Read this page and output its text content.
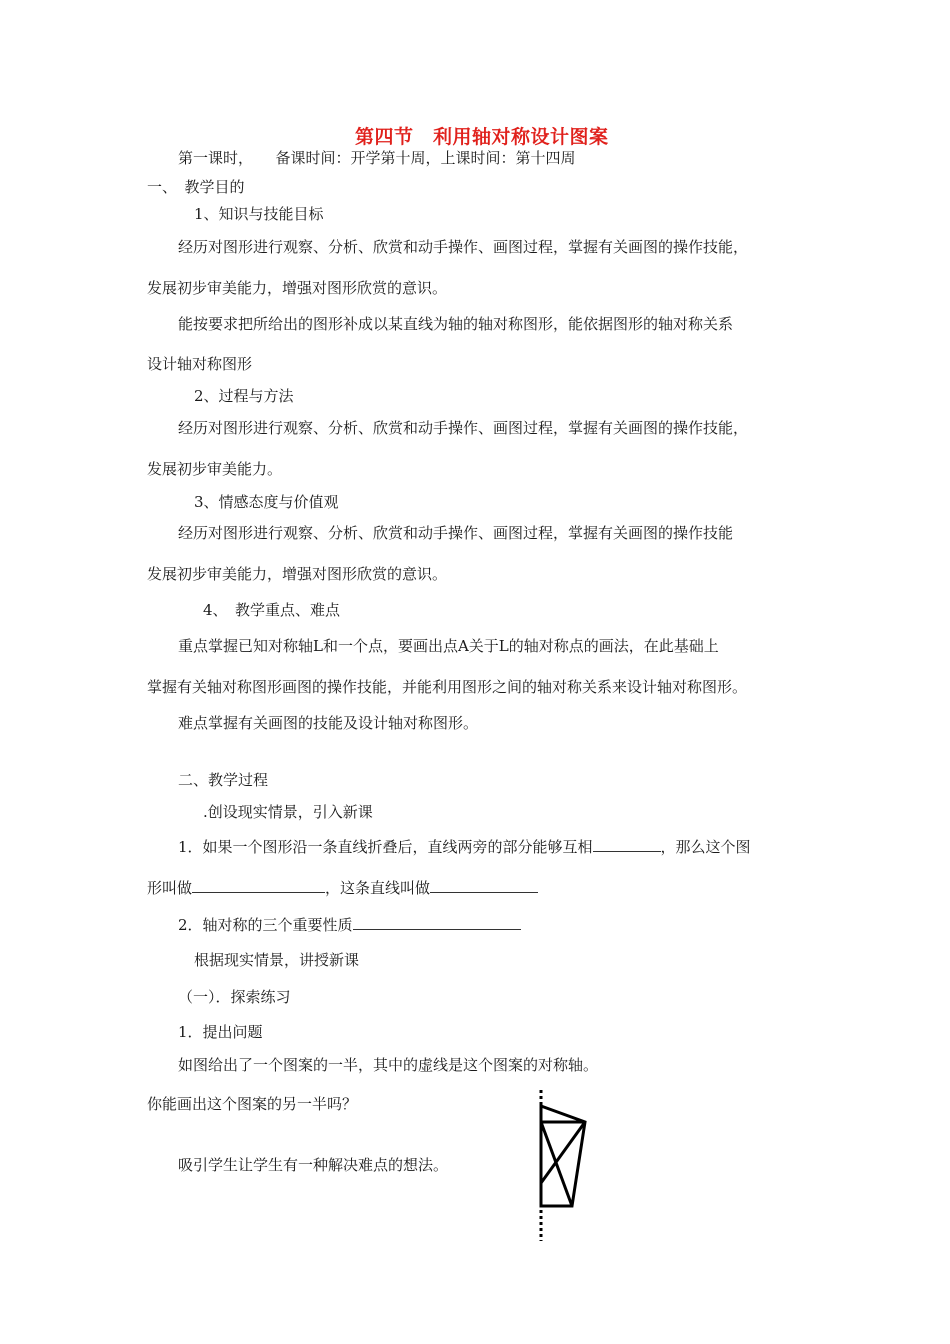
第四节　利用轴对称设计图案
第一课时，　　备课时间：开学第十周，上课时间：第十四周
一、　教学目的
1、知识与技能目标
经历对图形进行观察、分析、欣赏和动手操作、画图过程，掌握有关画图的操作技能，
发展初步审美能力，增强对图形欣赏的意识。
能按要求把所给出的图形补成以某直线为轴的轴对称图形，能依据图形的轴对称关系
设计轴对称图形
2、过程与方法
经历对图形进行观察、分析、欣赏和动手操作、画图过程，掌握有关画图的操作技能，
发展初步审美能力。
3、情感态度与价值观
经历对图形进行观察、分析、欣赏和动手操作、画图过程，掌握有关画图的操作技能
发展初步审美能力，增强对图形欣赏的意识。
4、　教学重点、难点
重点掌握已知对称轴L和一个点，要画出点A关于L的轴对称点的画法，在此基础上
掌握有关轴对称图形画图的操作技能，并能利用图形之间的轴对称关系来设计轴对称图形。
难点掌握有关画图的技能及设计轴对称图形。
二、教学过程
.创设现实情景，引入新课
1．如果一个图形沿一条直线折叠后，直线两旁的部分能够互相	，那么这个图
形叫做	，这条直线叫做
2．轴对称的三个重要性质
根据现实情景，讲授新课
（一）．探索练习
1．提出问题
如图给出了一个图案的一半，其中的虚线是这个图案的对称轴。
你能画出这个图案的另一半吗？
吸引学生让学生有一种解决难点的想法。
